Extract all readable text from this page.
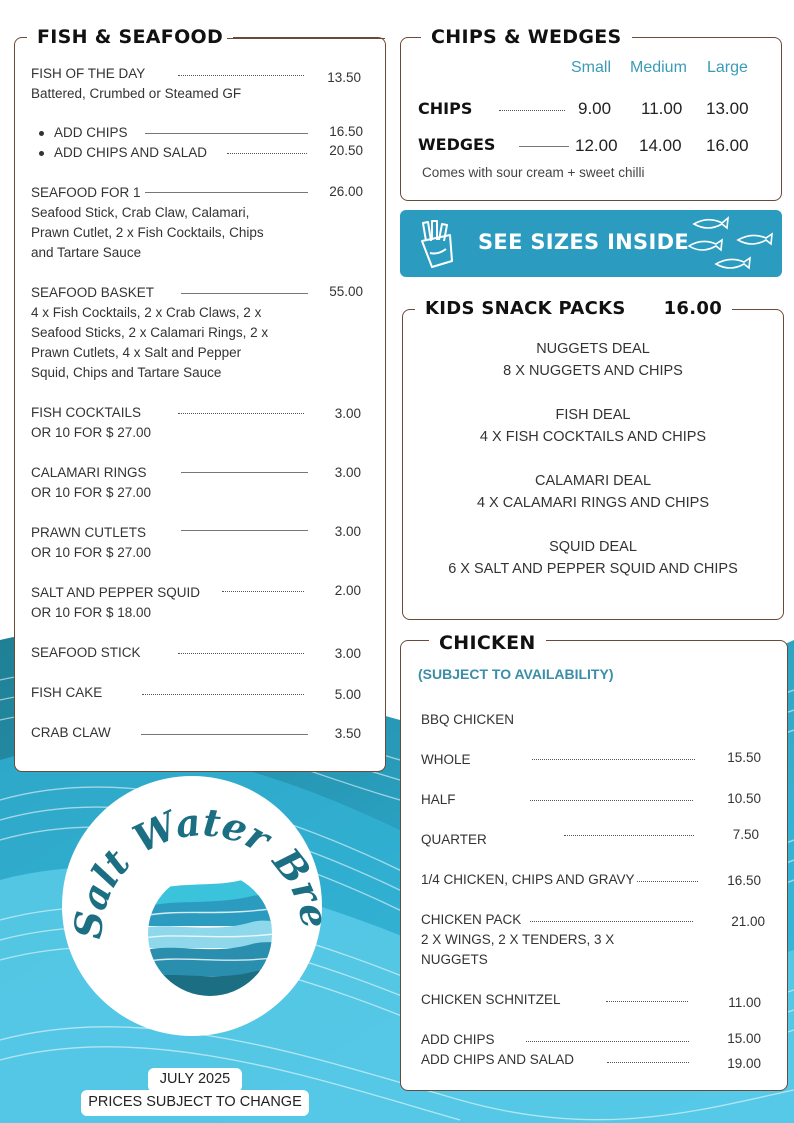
FISH & SEAFOOD
FISH OF THE DAY
Battered, Crumbed or Steamed GF
13.50
ADD CHIPS	16.50
ADD CHIPS AND SALAD	20.50
SEAFOOD FOR 1
Seafood Stick, Crab Claw, Calamari,
Prawn Cutlet, 2 x Fish Cocktails, Chips
and Tartare Sauce
26.00
SEAFOOD BASKET
4 x Fish Cocktails, 2 x Crab Claws, 2 x
Seafood Sticks, 2 x Calamari Rings, 2 x
Prawn Cutlets, 4 x Salt and Pepper
Squid, Chips and Tartare Sauce
55.00
FISH COCKTAILS
OR 10 FOR $ 27.00
3.00
CALAMARI RINGS
OR 10 FOR $ 27.00
3.00
PRAWN CUTLETS
OR 10 FOR $ 27.00
3.00
SALT AND PEPPER SQUID
OR 10 FOR $ 18.00
2.00
SEAFOOD STICK	3.00
FISH CAKE	5.00
CRAB CLAW	3.50
CHIPS & WEDGES
Small Medium Large
CHIPS	9.00 11.00 13.00
WEDGES	12.00 14.00 16.00
Comes with sour cream + sweet chilli
SEE SIZES INSIDE
KIDS SNACK PACKS 16.00
NUGGETS DEAL
8 X NUGGETS AND CHIPS
FISH DEAL
4 X FISH COCKTAILS AND CHIPS
CALAMARI DEAL
4 X CALAMARI RINGS AND CHIPS
SQUID DEAL
6 X SALT AND PEPPER SQUID AND CHIPS
CHICKEN
(SUBJECT TO AVAILABILITY)
BBQ CHICKEN
WHOLE	15.50
HALF	10.50
QUARTER	7.50
1/4 CHICKEN, CHIPS AND GRAVY	16.50
CHICKEN PACK
2 X WINGS, 2 X TENDERS, 3 X
NUGGETS
21.00
CHICKEN SCHNITZEL	11.00
ADD CHIPS	15.00
ADD CHIPS AND SALAD	19.00
Salt Water B
JULY 2025
PRICES SUBJECT TO CHANGE
